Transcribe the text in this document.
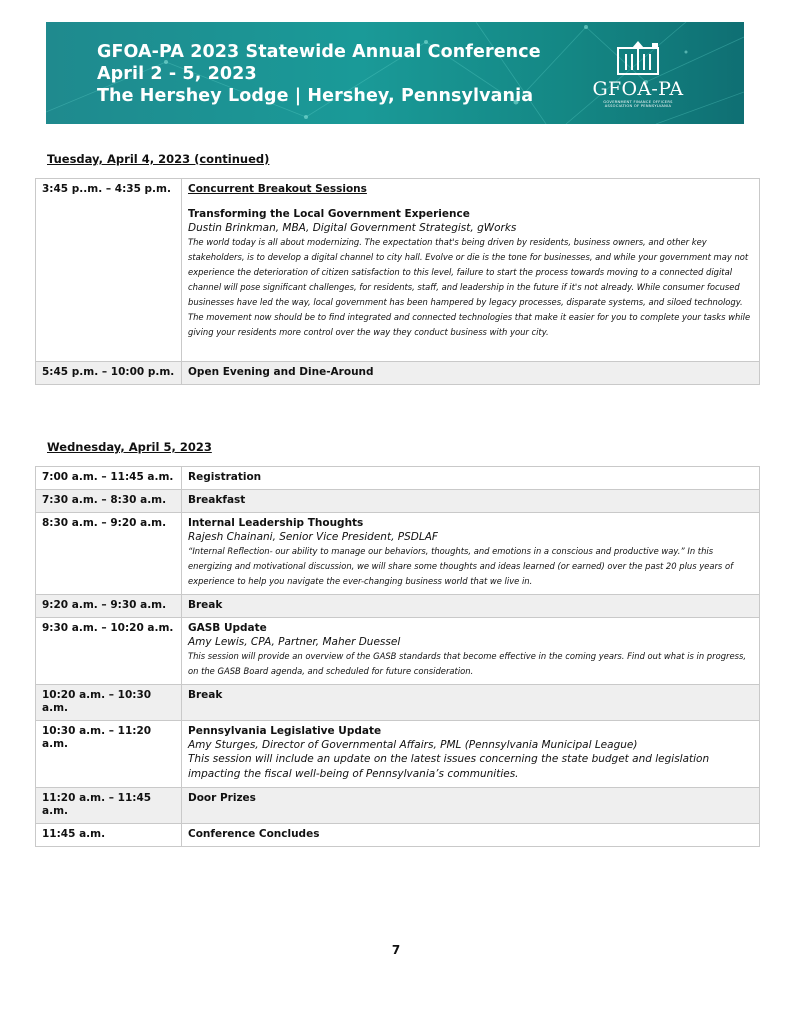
GFOA-PA 2023 Statewide Annual Conference
April 2 - 5, 2023
The Hershey Lodge | Hershey, Pennsylvania	GFOA-PA
GOVERNMENT FINANCE OFFICERS
ASSOCIATION OF PENNSYLVANIA
Tuesday, April 4, 2023 (continued)
3:45 p..m. – 4:35 p.m.	Concurrent Breakout Sessions
Transforming the Local Government Experience
Dustin Brinkman, MBA, Digital Government Strategist, gWorks
The world today is all about modernizing. The expectation that's being driven by residents, business owners, and other key stakeholders, is to develop a digital channel to city hall. Evolve or die is the tone for businesses, and while your government may not experience the deterioration of citizen satisfaction to this level, failure to start the process towards moving to a connected digital channel will pose significant challenges, for residents, staff, and leadership in the future if it's not already. While consumer focused businesses have led the way, local government has been hampered by legacy processes, disparate systems, and siloed technology. The movement now should be to find integrated and connected technologies that make it easier for you to complete your tasks while giving your residents more control over the way they conduct business with your city.

5:45 p.m. – 10:00 p.m.	Open Evening and Dine-Around
Wednesday, April 5, 2023
7:00 a.m. – 11:45 a.m.	Registration

7:30 a.m. – 8:30 a.m.	Breakfast

8:30 a.m. – 9:20 a.m.	Internal Leadership Thoughts
Rajesh Chainani, Senior Vice President, PSDLAF
“Internal Reflection- our ability to manage our behaviors, thoughts, and emotions in a conscious and productive way.” In this energizing and motivational discussion, we will share some thoughts and ideas learned (or earned) over the past 20 plus years of experience to help you navigate the ever-changing business world that we live in.

9:20 a.m. – 9:30 a.m.	Break

9:30 a.m. – 10:20 a.m.	GASB Update
Amy Lewis, CPA, Partner, Maher Duessel
This session will provide an overview of the GASB standards that become effective in the coming years. Find out what is in progress, on the GASB Board agenda, and scheduled for future consideration.

10:20 a.m. – 10:30 a.m.	Break

10:30 a.m. – 11:20 a.m.	Pennsylvania Legislative Update
Amy Sturges, Director of Governmental Affairs, PML (Pennsylvania Municipal League)
This session will include an update on the latest issues concerning the state budget and legislation impacting the fiscal well-being of Pennsylvania’s communities.

11:20 a.m. – 11:45 a.m.	Door Prizes

11:45 a.m.	Conference Concludes
7
